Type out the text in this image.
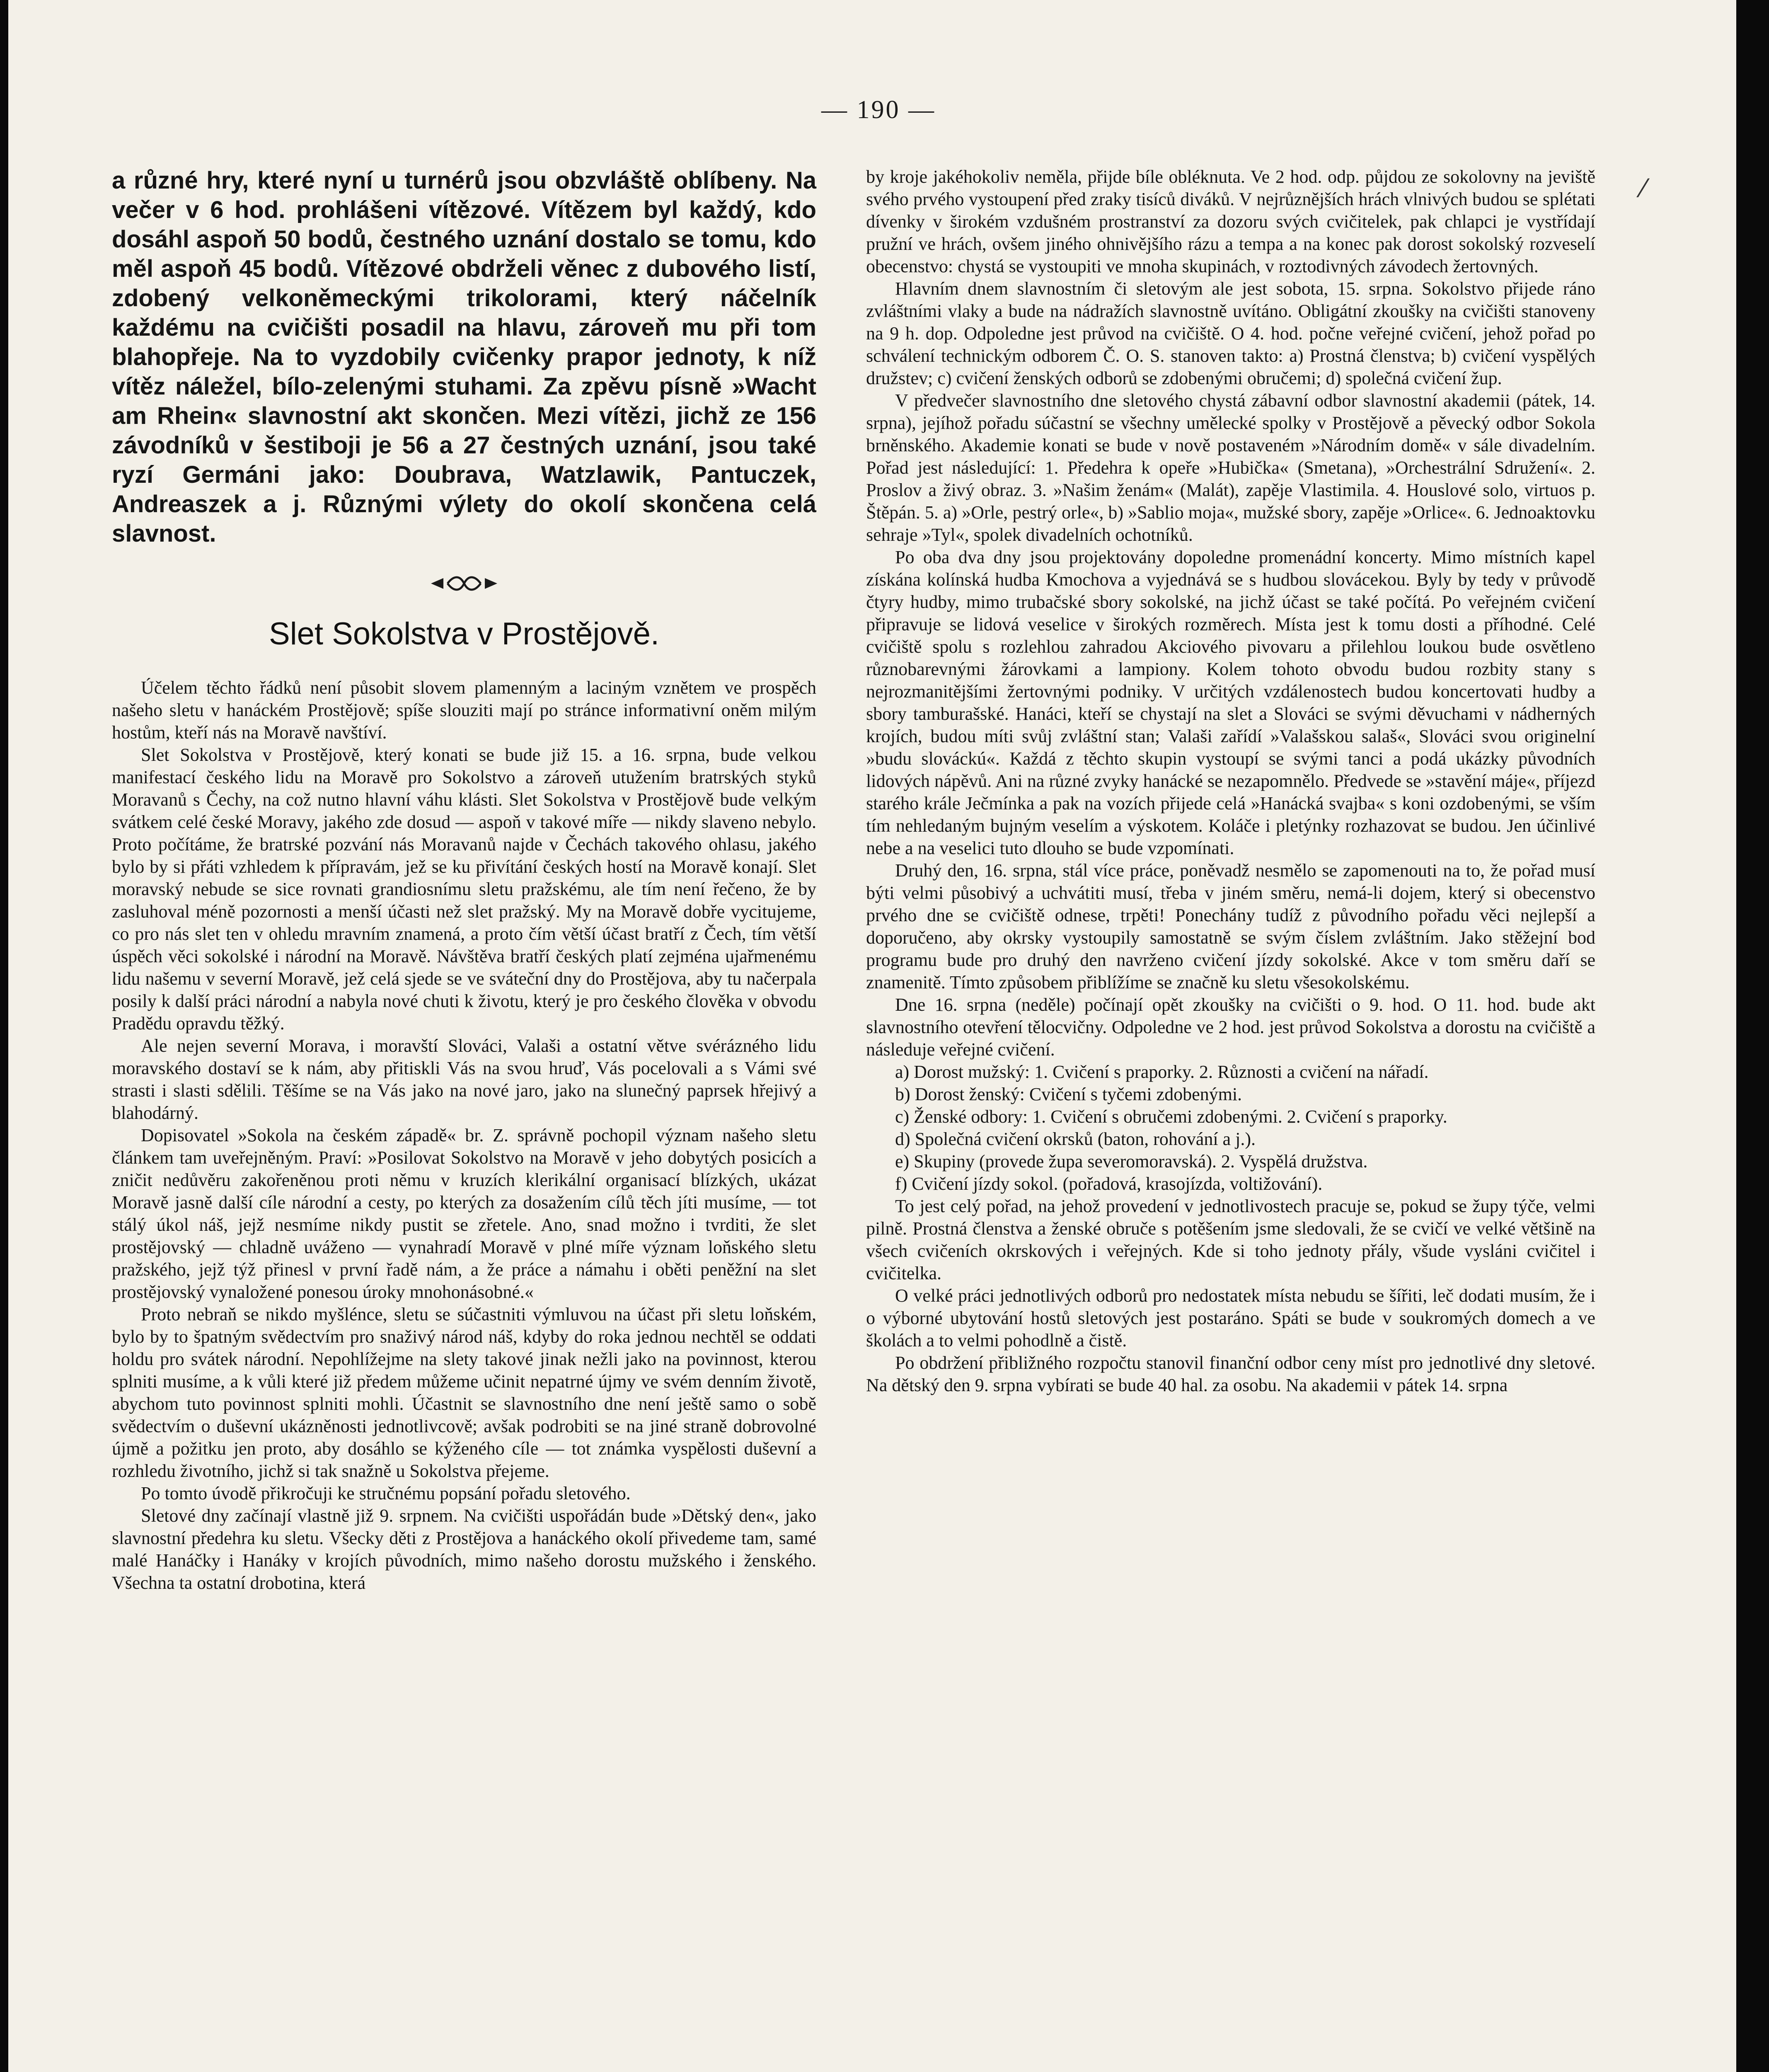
— 190 —
⁄

a různé hry, které nyní u turnérů jsou obzvláště oblíbeny. Na večer v 6 hod. prohlášeni vítězové. Vítězem byl každý, kdo dosáhl aspoň 50 bodů, čestného uznání dostalo se tomu, kdo měl aspoň 45 bodů. Vítězové obdrželi věnec z dubového listí, zdobený velkoněmeckými trikolorami, který náčelník každému na cvičišti posadil na hlavu, zároveň mu při tom blahopřeje. Na to vyzdobily cvičenky prapor jednoty, k níž vítěz náležel, bílo-zelenými stuhami. Za zpěvu písně »Wacht am Rhein« slavnostní akt skončen. Mezi vítězi, jichž ze 156 závodníků v šestiboji je 56 a 27 čestných uznání, jsou také ryzí Germáni jako: Doubrava, Watzlawik, Pantuczek, Andreaszek a j. Různými výlety do okolí skončena celá slavnost.

Slet Sokolstva v Prostějově.

Účelem těchto řádků není působit slovem plamenným a laciným vznětem ve prospěch našeho sletu v hanáckém Prostějově; spíše slouziti mají po stránce informativní oněm milým hostům, kteří nás na Moravě navštíví.

Slet Sokolstva v Prostějově, který konati se bude již 15. a 16. srpna, bude velkou manifestací českého lidu na Moravě pro Sokolstvo a zároveň utužením bratrských styků Moravanů s Čechy, na což nutno hlavní váhu klásti. Slet Sokolstva v Prostějově bude velkým svátkem celé české Moravy, jakého zde dosud — aspoň v takové míře — nikdy slaveno nebylo. Proto počítáme, že bratrské pozvání nás Moravanů najde v Čechách takového ohlasu, jakého bylo by si přáti vzhledem k přípravám, jež se ku přivítání českých hostí na Moravě konají. Slet moravský nebude se sice rovnati grandiosnímu sletu pražskému, ale tím není řečeno, že by zasluhoval méně pozornosti a menší účasti než slet pražský. My na Moravě dobře vycitujeme, co pro nás slet ten v ohledu mravním znamená, a proto čím větší účast bratří z Čech, tím větší úspěch věci sokolské i národní na Moravě. Návštěva bratří českých platí zejména ujařmenému lidu našemu v severní Moravě, jež celá sjede se ve sváteční dny do Prostějova, aby tu načerpala posily k další práci národní a nabyla nové chuti k životu, který je pro českého člověka v obvodu Pradědu opravdu těžký.

Ale nejen severní Morava, i moravští Slováci, Valaši a ostatní větve svérázného lidu moravského dostaví se k nám, aby přitiskli Vás na svou hruď, Vás pocelovali a s Vámi své strasti i slasti sdělili. Těšíme se na Vás jako na nové jaro, jako na slunečný paprsek hřejivý a blahodárný.

Dopisovatel »Sokola na českém západě« br. Z. správně pochopil význam našeho sletu článkem tam uveřejněným. Praví: »Posilovat Sokolstvo na Moravě v jeho dobytých posicích a zničit nedůvěru zakořeněnou proti němu v kruzích klerikální organisací blízkých, ukázat Moravě jasně další cíle národní a cesty, po kterých za dosažením cílů těch jíti musíme, — tot stálý úkol náš, jejž nesmíme nikdy pustit se zřetele. Ano, snad možno i tvrditi, že slet prostějovský — chladně uváženo — vynahradí Moravě v plné míře význam loňského sletu pražského, jejž týž přinesl v první řadě nám, a že práce a námahu i oběti peněžní na slet prostějovský vynaložené ponesou úroky mnohonásobné.«

Proto nebraň se nikdo myšlénce, sletu se súčastniti výmluvou na účast při sletu loňském, bylo by to špatným svědectvím pro snaživý národ náš, kdyby do roka jednou nechtěl se oddati holdu pro svátek národní. Nepohlížejme na slety takové jinak nežli jako na povinnost, kterou splniti musíme, a k vůli které již předem můžeme učinit nepatrné újmy ve svém denním životě, abychom tuto povinnost splniti mohli. Účastnit se slavnostního dne není ještě samo o sobě svědectvím o duševní ukázněnosti jednotlivcově; avšak podrobiti se na jiné straně dobrovolné újmě a požitku jen proto, aby dosáhlo se kýženého cíle — tot známka vyspělosti duševní a rozhledu životního, jichž si tak snažně u Sokolstva přejeme.

Po tomto úvodě přikročuji ke stručnému popsání pořadu sletového.

Sletové dny začínají vlastně již 9. srpnem. Na cvičišti uspořádán bude »Dětský den«, jako slavnostní předehra ku sletu. Všecky děti z Prostějova a hanáckého okolí přivedeme tam, samé malé Hanáčky i Hanáky v krojích původních, mimo našeho dorostu mužského i ženského. Všechna ta ostatní drobotina, která

by kroje jakéhokoliv neměla, přijde bíle obléknuta. Ve 2 hod. odp. půjdou ze sokolovny na jeviště svého prvého vystoupení před zraky tisíců diváků. V nejrůznějších hrách vlnivých budou se splétati dívenky v širokém vzdušném prostranství za dozoru svých cvičitelek, pak chlapci je vystřídají pružní ve hrách, ovšem jiného ohnivějšího rázu a tempa a na konec pak dorost sokolský rozveselí obecenstvo: chystá se vystoupiti ve mnoha skupinách, v roztodivných závodech žertovných.

Hlavním dnem slavnostním či sletovým ale jest sobota, 15. srpna. Sokolstvo přijede ráno zvláštními vlaky a bude na nádražích slavnostně uvítáno. Obligátní zkoušky na cvičišti stanoveny na 9 h. dop. Odpoledne jest průvod na cvičiště. O 4. hod. počne veřejné cvičení, jehož pořad po schválení technickým odborem Č. O. S. stanoven takto: a) Prostná členstva; b) cvičení vyspělých družstev; c) cvičení ženských odborů se zdobenými obručemi; d) společná cvičení žup.

V předvečer slavnostního dne sletového chystá zábavní odbor slavnostní akademii (pátek, 14. srpna), jejíhož pořadu súčastní se všechny umělecké spolky v Prostějově a pěvecký odbor Sokola brněnského. Akademie konati se bude v nově postaveném »Národním domě« v sále divadelním. Pořad jest následující: 1. Předehra k opeře »Hubička« (Smetana), »Orchestrální Sdružení«. 2. Proslov a živý obraz. 3. »Našim ženám« (Malát), zapěje Vlastimila. 4. Houslové solo, virtuos p. Štěpán. 5. a) »Orle, pestrý orle«, b) »Sablio moja«, mužské sbory, zapěje »Orlice«. 6. Jednoaktovku sehraje »Tyl«, spolek divadelních ochotníků.

Po oba dva dny jsou projektovány dopoledne promenádní koncerty. Mimo místních kapel získána kolínská hudba Kmochova a vyjednává se s hudbou slovácekou. Byly by tedy v průvodě čtyry hudby, mimo trubačské sbory sokolské, na jichž účast se také počítá. Po veřejném cvičení připravuje se lidová veselice v širokých rozměrech. Místa jest k tomu dosti a příhodné. Celé cvičiště spolu s rozlehlou zahradou Akciového pivovaru a přilehlou loukou bude osvětleno různobarevnými žárovkami a lampiony. Kolem tohoto obvodu budou rozbity stany s nejrozmanitějšími žertovnými podniky. V určitých vzdálenostech budou koncertovati hudby a sbory tamburašské. Hanáci, kteří se chystají na slet a Slováci se svými děvuchami v nádherných krojích, budou míti svůj zvláštní stan; Valaši zařídí »Valašskou salaš«, Slováci svou originelní »budu slováckú«. Každá z těchto skupin vystoupí se svými tanci a podá ukázky původních lidových nápěvů. Ani na různé zvyky hanácké se nezapomnělo. Předvede se »stavění máje«, příjezd starého krále Ječmínka a pak na vozích přijede celá »Hanácká svajba« s koni ozdobenými, se vším tím nehledaným bujným veselím a výskotem. Koláče i pletýnky rozhazovat se budou. Jen účinlivé nebe a na veselici tuto dlouho se bude vzpomínati.

Druhý den, 16. srpna, stál více práce, poněvadž nesmělo se zapomenouti na to, že pořad musí býti velmi působivý a uchvátiti musí, třeba v jiném směru, nemá-li dojem, který si obecenstvo prvého dne se cvičiště odnese, trpěti! Ponechány tudíž z původního pořadu věci nejlepší a doporučeno, aby okrsky vystoupily samostatně se svým číslem zvláštním. Jako stěžejní bod programu bude pro druhý den navrženo cvičení jízdy sokolské. Akce v tom směru daří se znamenitě. Tímto způsobem přiblížíme se značně ku sletu všesokolskému.

Dne 16. srpna (neděle) počínají opět zkoušky na cvičišti o 9. hod. O 11. hod. bude akt slavnostního otevření tělocvičny. Odpoledne ve 2 hod. jest průvod Sokolstva a dorostu na cvičiště a následuje veřejné cvičení.

a) Dorost mužský: 1. Cvičení s praporky. 2. Různosti a cvičení na nářadí.

b) Dorost ženský: Cvičení s tyčemi zdobenými.

c) Ženské odbory: 1. Cvičení s obručemi zdobenými. 2. Cvičení s praporky.

d) Společná cvičení okrsků (baton, rohování a j.).

e) Skupiny (provede župa severomoravská). 2. Vyspělá družstva.

f) Cvičení jízdy sokol. (pořadová, krasojízda, voltižování).

To jest celý pořad, na jehož provedení v jednotlivostech pracuje se, pokud se župy týče, velmi pilně. Prostná členstva a ženské obruče s potěšením jsme sledovali, že se cvičí ve velké většině na všech cvičeních okrskových i veřejných. Kde si toho jednoty přály, všude vysláni cvičitel i cvičitelka.

O velké práci jednotlivých odborů pro nedostatek místa nebudu se šířiti, leč dodati musím, že i o výborné ubytování hostů sletových jest postaráno. Spáti se bude v soukromých domech a ve školách a to velmi pohodlně a čistě.

Po obdržení přibližného rozpočtu stanovil finanční odbor ceny míst pro jednotlivé dny sletové. Na dětský den 9. srpna vybírati se bude 40 hal. za osobu. Na akademii v pátek 14. srpna
